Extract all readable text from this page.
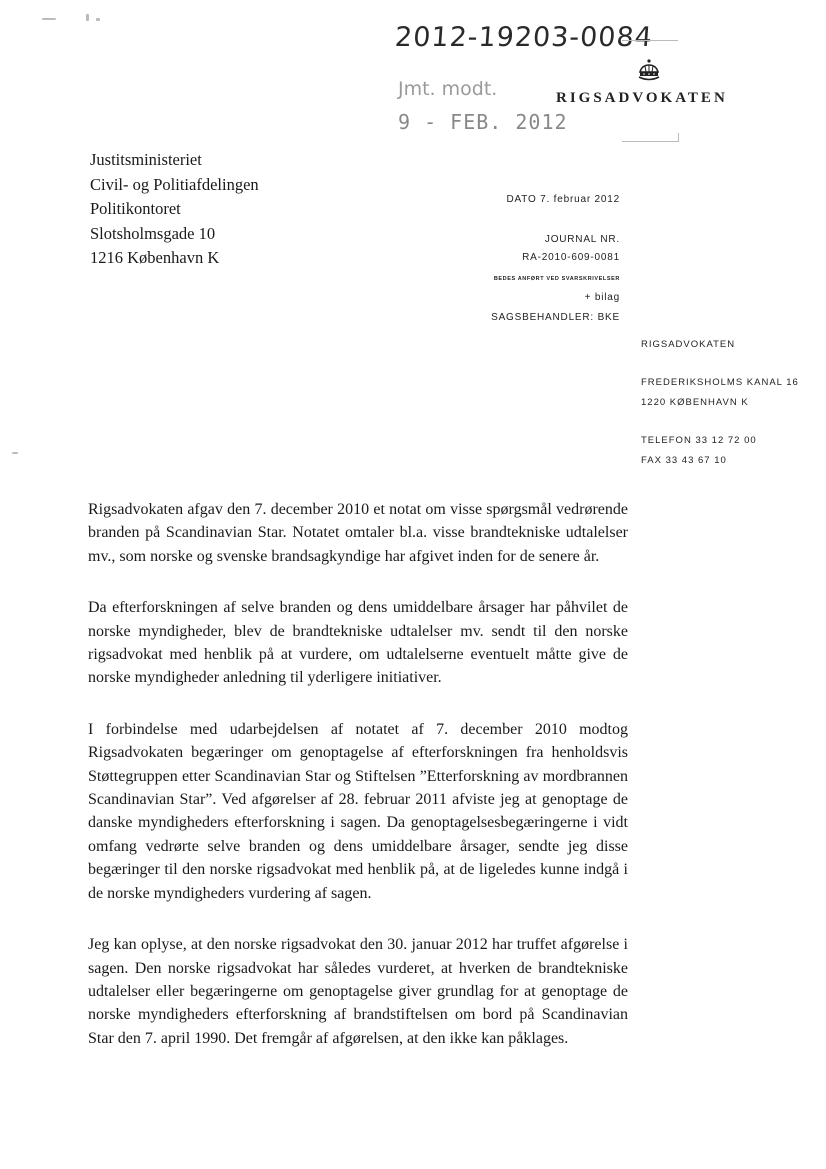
2012-19203-0084
Jmt. modt.
9 - FEB. 2012
RIGSADVOKATEN
Justitsministeriet
Civil- og Politiafdelingen
Politikontoret
Slotsholmsgade 10
1216 København K
DATO 7. februar 2012
JOURNAL NR.
RA-2010-609-0081
BEDES ANFØRT VED SVARSKRIVELSER
+ bilag
SAGSBEHANDLER: BKE
RIGSADVOKATEN
FREDERIKSHOLMS KANAL 16
1220 KØBENHAVN K
TELEFON 33 12 72 00
FAX 33 43 67 10

Rigsadvokaten afgav den 7. december 2010 et notat om visse spørgsmål vedrørende branden på Scandinavian Star. Notatet omtaler bl.a. visse brandtekniske udtalelser mv., som norske og svenske brandsagkyndige har afgivet inden for de senere år.

Da efterforskningen af selve branden og dens umiddelbare årsager har påhvilet de norske myndigheder, blev de brandtekniske udtalelser mv. sendt til den norske rigsadvokat med henblik på at vurdere, om udtalelserne eventuelt måtte give de norske myndigheder anledning til yderligere initiativer.

I forbindelse med udarbejdelsen af notatet af 7. december 2010 modtog Rigsadvokaten begæringer om genoptagelse af efterforskningen fra henholdsvis Støttegruppen etter Scandinavian Star og Stiftelsen ”Etterforskning av mordbrannen Scandinavian Star”. Ved afgørelser af 28. februar 2011 afviste jeg at genoptage de danske myndigheders efterforskning i sagen. Da genoptagelsesbegæringerne i vidt omfang vedrørte selve branden og dens umiddelbare årsager, sendte jeg disse begæringer til den norske rigsadvokat med henblik på, at de ligeledes kunne indgå i de norske myndigheders vurdering af sagen.

Jeg kan oplyse, at den norske rigsadvokat den 30. januar 2012 har truffet afgørelse i sagen. Den norske rigsadvokat har således vurderet, at hverken de brandtekniske udtalelser eller begæringerne om genoptagelse giver grundlag for at genoptage de norske myndigheders efterforskning af brandstiftelsen om bord på Scandinavian Star den 7. april 1990. Det fremgår af afgørelsen, at den ikke kan påklages.
